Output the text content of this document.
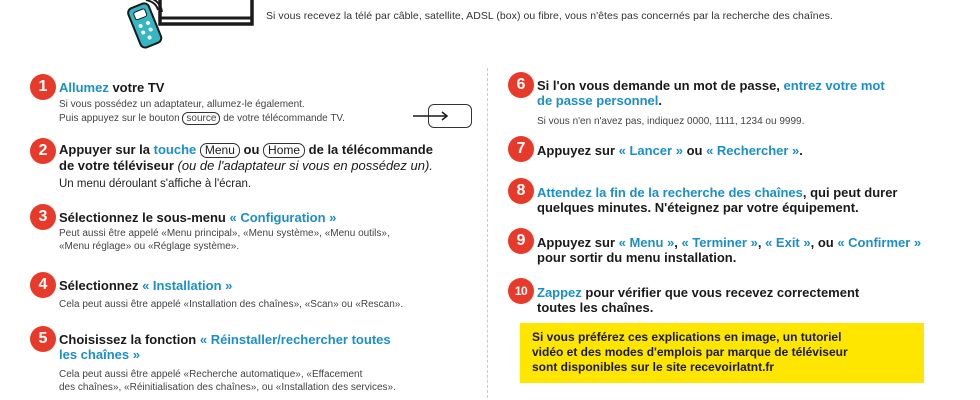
Si vous recevez la télé par câble, satellite, ADSL (box) ou fibre, vous n'êtes pas concernés par la recherche des chaînes.
1 Allumez votre TV
Si vous possédez un adaptateur, allumez-le également.
Puis appuyez sur le bouton source de votre télécommande TV.
2 Appuyer sur la touche Menu ou Home de la télécommande
de votre téléviseur (ou de l'adaptateur si vous en possédez un).
Un menu déroulant s'affiche à l'écran.
3 Sélectionnez le sous-menu « Configuration »
Peut aussi être appelé «Menu principal», «Menu système», «Menu outils»,
«Menu réglage» ou «Réglage système».
4 Sélectionnez « Installation »
Cela peut aussi être appelé «Installation des chaînes», «Scan» ou «Rescan».
5 Choisissez la fonction « Réinstaller/rechercher toutes
les chaînes »
Cela peut aussi être appelé «Recherche automatique», «Effacement
des chaînes», «Réinitialisation des chaînes», ou «Installation des services».
6 Si l'on vous demande un mot de passe, entrez votre mot
de passe personnel.
Si vous n'en n'avez pas, indiquez 0000, 1111, 1234 ou 9999.
7 Appuyez sur « Lancer » ou « Rechercher ».
8 Attendez la fin de la recherche des chaînes, qui peut durer
quelques minutes. N'éteignez par votre équipement.
9 Appuyez sur « Menu », « Terminer », « Exit », ou « Confirmer »
pour sortir du menu installation.
10 Zappez pour vérifier que vous recevez correctement
toutes les chaînes.
Si vous préférez ces explications en image, un tutoriel
vidéo et des modes d'emplois par marque de téléviseur
sont disponibles sur le site recevoirlatnt.fr
